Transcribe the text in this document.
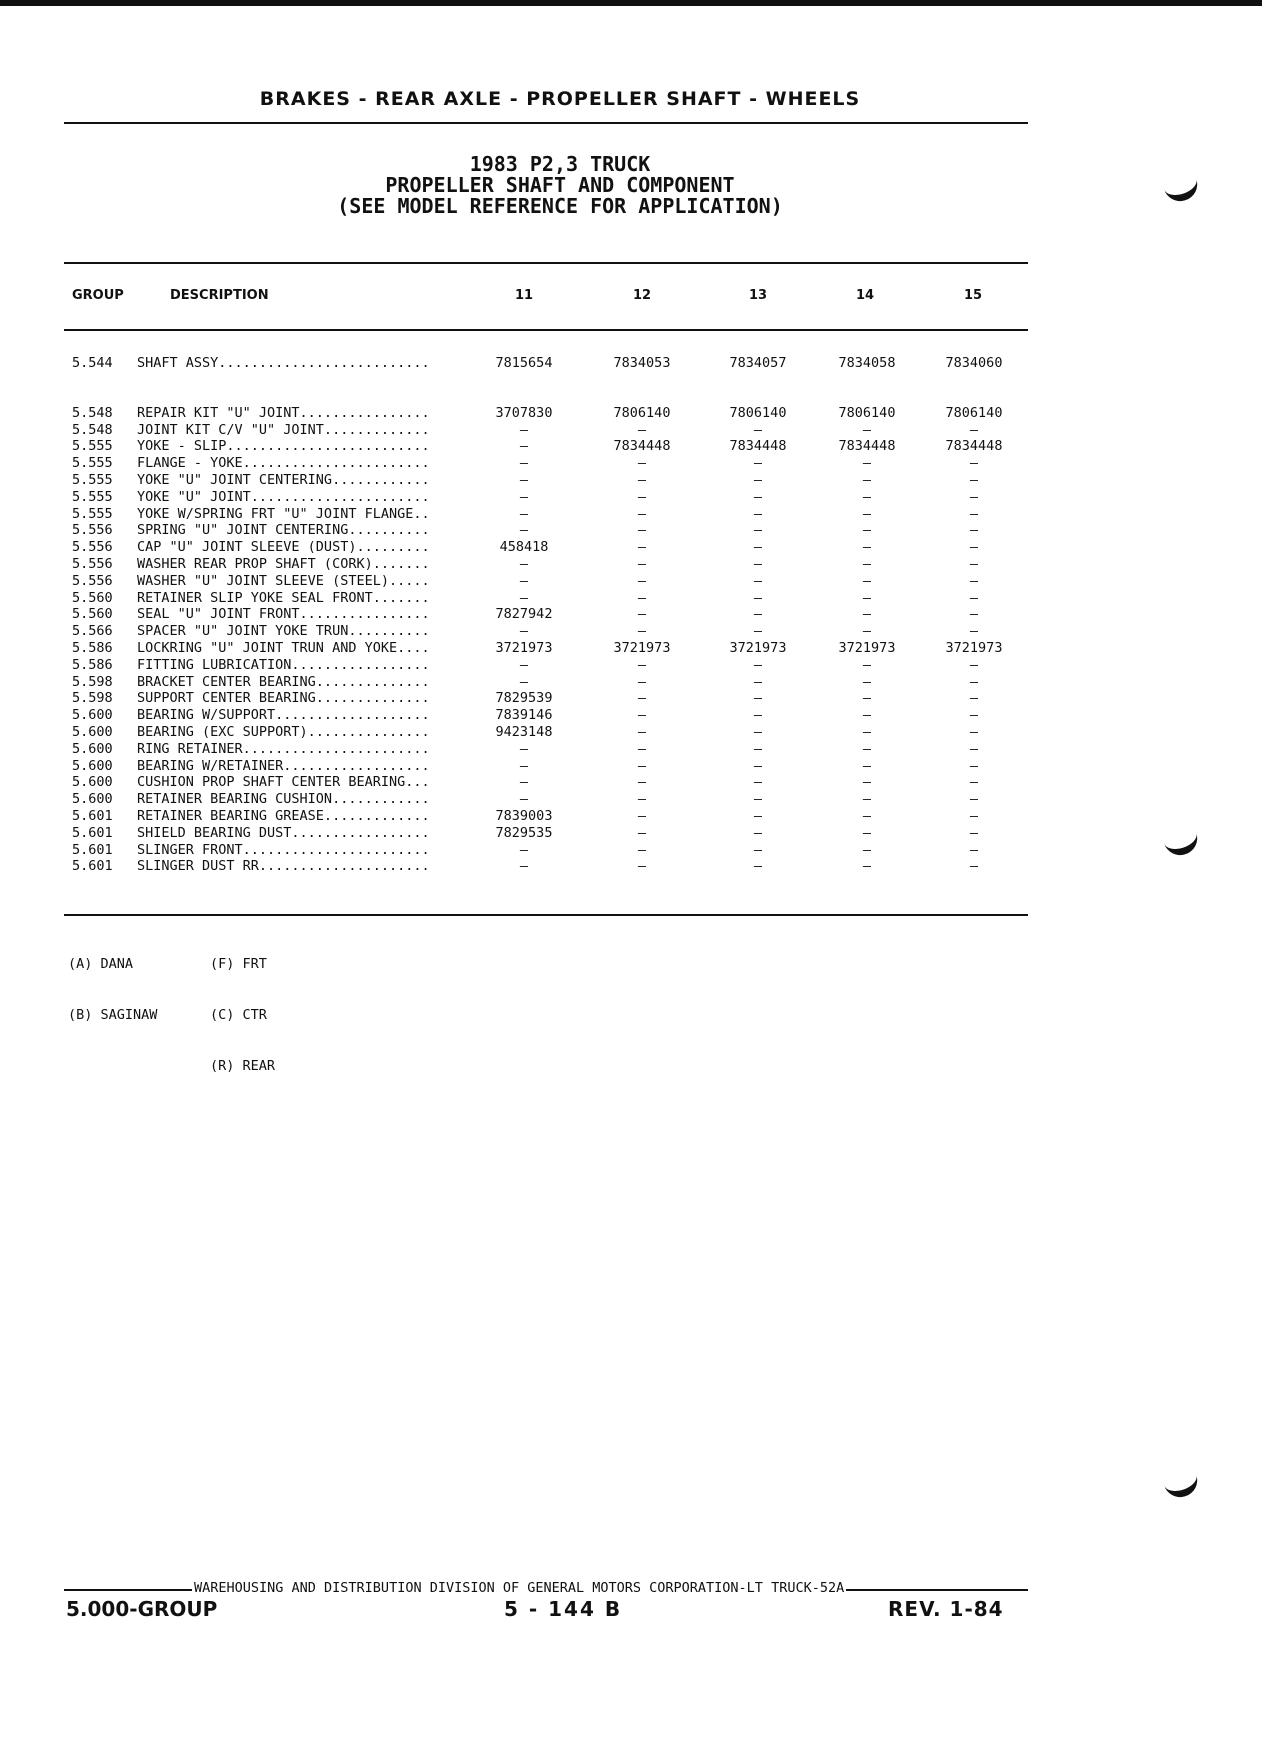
BRAKES - REAR AXLE - PROPELLER SHAFT - WHEELS
1983 P2,3 TRUCK
PROPELLER SHAFT AND COMPONENT
(SEE MODEL REFERENCE FOR APPLICATION)
GROUP	DESCRIPTION	11	12	13	14	15
5.544 SHAFT ASSY..........................	7815654	7834053	7834057	7834058	7834060
5.548 REPAIR KIT "U" JOINT................	3707830	7806140	7806140	7806140	7806140
5.548 JOINT KIT C/V "U" JOINT.............	—	—	—	—	—
5.555 YOKE - SLIP.........................	—	7834448	7834448	7834448	7834448
5.555 FLANGE - YOKE.......................	—	—	—	—	—
5.555 YOKE "U" JOINT CENTERING............	—	—	—	—	—
5.555 YOKE "U" JOINT......................	—	—	—	—	—
5.555 YOKE W/SPRING FRT "U" JOINT FLANGE..	—	—	—	—	—
5.556 SPRING "U" JOINT CENTERING..........	—	—	—	—	—
5.556 CAP "U" JOINT SLEEVE (DUST).........	458418	—	—	—	—
5.556 WASHER REAR PROP SHAFT (CORK).......	—	—	—	—	—
5.556 WASHER "U" JOINT SLEEVE (STEEL).....	—	—	—	—	—
5.560 RETAINER SLIP YOKE SEAL FRONT.......	—	—	—	—	—
5.560 SEAL "U" JOINT FRONT................	7827942	—	—	—	—
5.566 SPACER "U" JOINT YOKE TRUN..........	—	—	—	—	—
5.586 LOCKRING "U" JOINT TRUN AND YOKE....	3721973	3721973	3721973	3721973	3721973
5.586 FITTING LUBRICATION.................	—	—	—	—	—
5.598 BRACKET CENTER BEARING..............	—	—	—	—	—
5.598 SUPPORT CENTER BEARING..............	7829539	—	—	—	—
5.600 BEARING W/SUPPORT...................	7839146	—	—	—	—
5.600 BEARING (EXC SUPPORT)...............	9423148	—	—	—	—
5.600 RING RETAINER.......................	—	—	—	—	—
5.600 BEARING W/RETAINER..................	—	—	—	—	—
5.600 CUSHION PROP SHAFT CENTER BEARING...	—	—	—	—	—
5.600 RETAINER BEARING CUSHION............	—	—	—	—	—
5.601 RETAINER BEARING GREASE.............	7839003	—	—	—	—
5.601 SHIELD BEARING DUST.................	7829535	—	—	—	—
5.601 SLINGER FRONT.......................	—	—	—	—	—
5.601 SLINGER DUST RR.....................	—	—	—	—	—

(A) DANA

(B) SAGINAW

(F) FRT

(C) CTR

(R) REAR

WAREHOUSING AND DISTRIBUTION DIVISION OF GENERAL MOTORS CORPORATION-LT TRUCK-52A
5.000-GROUP	5 - 144 B	REV. 1-84
